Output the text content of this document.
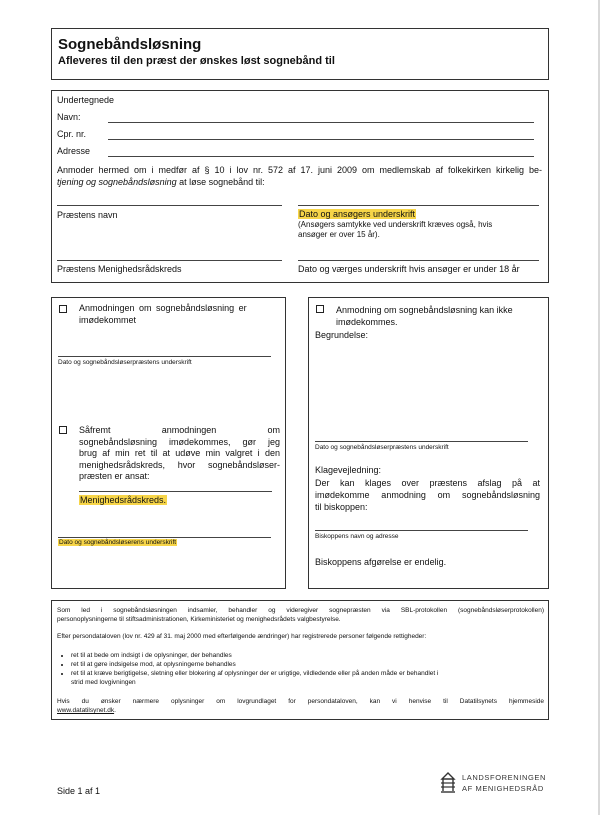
Sognebåndsløsning
Afleveres til den præst der ønskes løst sognebånd til
Undertegnede
Navn:
Cpr. nr.
Adresse
Anmoder hermed om i medfør af § 10 i lov nr. 572 af 17. juni 2009 om medlemskab af folkekirken kirkelig be-
tjening og sognebåndsløsning at løse sognebånd til:
Præstens navn	Dato og ansøgers underskrift
(Ansøgers samtykke ved underskrift kræves også, hvis
ansøger er over 15 år).
Præstens Menighedsrådskreds	Dato og værges underskrift hvis ansøger er under 18 år
Anmodningen om sognebåndsløsning er
imødekommet
Dato og sognebåndsløserpræstens underskrift
Såfremt anmodningen om
sognebåndsløsning imødekommes, gør jeg
brug af min ret til at udøve min valgret i den
menighedsrådskreds, hvor sognebåndsløser-
præsten er ansat:
Menighedsrådskreds.
Dato og sognebåndsløserens underskrift
Anmodning om sognebåndsløsning kan ikke
imødekommes.
Begrundelse:
Dato og sognebåndsløserpræstens underskrift
Klagevejledning:
Der kan klages over præstens afslag på at
imødekomme anmodning om sognebåndsløsning
til biskoppen:
Biskoppens navn og adresse
Biskoppens afgørelse er endelig.
Som led i sognebåndsløsningen indsamler, behandler og videregiver sognepræsten via SBL-protokollen (sognebåndsløserprotokollen)
personoplysningerne til stiftsadministrationen, Kirkeministeriet og menighedsrådets valgbestyrelse.
Efter persondataloven (lov nr. 429 af 31. maj 2000 med efterfølgende ændringer) har registrerede personer følgende rettigheder:
• ret til at bede om indsigt i de oplysninger, der behandles
• ret til at gøre indsigelse mod, at oplysningerne behandles
• ret til at kræve berigtigelse, sletning eller blokering af oplysninger der er urigtige, vildledende eller på anden måde er behandlet i
strid med lovgivningen
Hvis du ønsker nærmere oplysninger om lovgrundlaget for persondataloven, kan vi henvise til Datatilsynets hjemmeside
www.datatilsynet.dk.
Side 1 af 1
LANDSFORENINGEN
AF MENIGHEDSRÅD
